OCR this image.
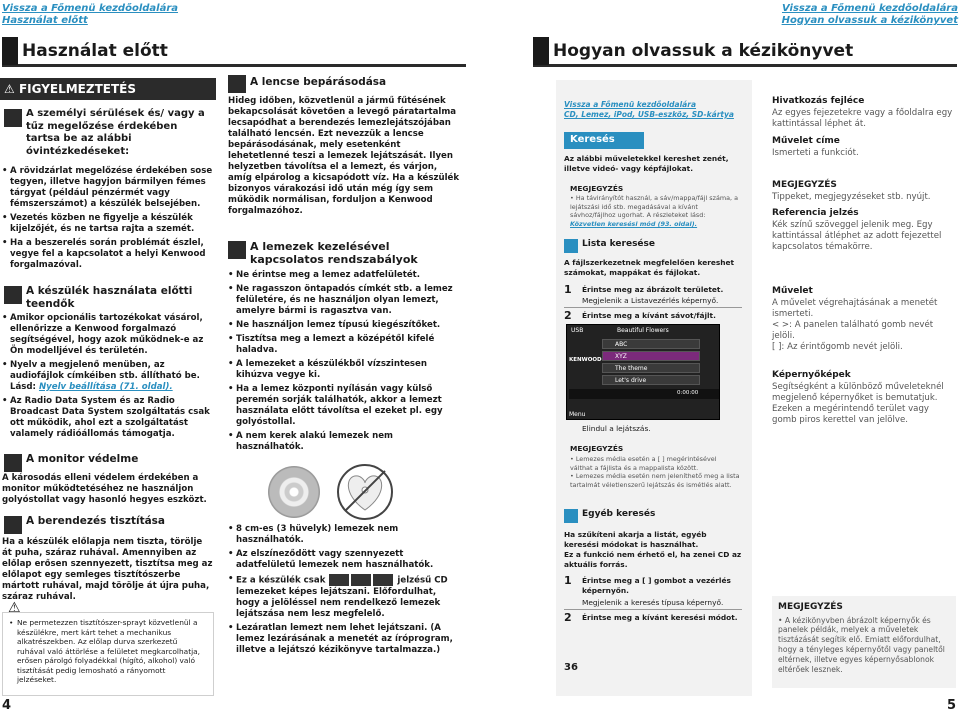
Vissza a Főmenü kezdőoldalára
Használat előtt
Vissza a Főmenü kezdőoldalára
Hogyan olvassuk a kézikönyvet
Használat előtt	Hogyan olvassuk a kézikönyvet
⚠ FIGYELMEZTETÉS
A személyi sérülések és/ vagy a tűz megelőzése érdekében tartsa be az alábbi óvintézkedéseket:
• A rövidzárlat megelőzése érdekében sose tegyen, illetve hagyjon bármilyen fémes tárgyat (például pénzérmét vagy fémszerszámot) a készülék belsejében.
• Vezetés közben ne figyelje a készülék kijelzőjét, és ne tartsa rajta a szemét.
• Ha a beszerelés során problémát észlel, vegye fel a kapcsolatot a helyi Kenwood forgalmazóval.
A készülék használata előtti teendők
• Amikor opcionális tartozékokat vásárol, ellenőrizze a Kenwood forgalmazó segítségével, hogy azok működnek-e az Ön modelljével és területén.
• Nyelv a megjelenő menüben, az audiofájlok címkéiben stb. állítható be. Lásd: Nyelv beállítása (71. oldal).
• Az Radio Data System és az Radio Broadcast Data System szolgáltatás csak ott működik, ahol ezt a szolgáltatást valamely rádióállomás támogatja.
A monitor védelme
A károsodás elleni védelem érdekében a monitor működtetéséhez ne használjon golyóstollat vagy hasonló hegyes eszközt.
A berendezés tisztítása
Ha a készülék előlapja nem tiszta, törölje át puha, száraz ruhával. Amennyiben az előlap erősen szennyezett, tisztítsa meg az előlapot egy semleges tisztítószerbe mártott ruhával, majd törölje át újra puha, száraz ruhával.
⚠
• Ne permetezzen tisztítószer-sprayt közvetlenül a készülékre, mert kárt tehet a mechanikus alkatrészekben. Az előlap durva szerkezetű ruhával való áttörlése a felületet megkarcolhatja, erősen párolgó folyadékkal (hígító, alkohol) való tisztítását pedig lemosható a rányomott jelzéseket.
4
A lencse bepárásodása
Hideg időben, közvetlenül a jármű fűtésének bekapcsolását követően a levegő páratartalma lecsapódhat a berendezés lemezlejátszójában található lencsén. Ezt nevezzük a lencse bepárásodásának, mely esetenként lehetetlenné teszi a lemezek lejátszását. Ilyen helyzetben távolítsa el a lemezt, és várjon, amíg elpárolog a kicsapódott víz. Ha a készülék bizonyos várakozási idő után még így sem működik normálisan, forduljon a Kenwood forgalmazóhoz.
A lemezek kezelésével kapcsolatos rendszabályok
• Ne érintse meg a lemez adatfelületét.
• Ne ragasszon öntapadós címkét stb. a lemez felületére, és ne használjon olyan lemezt, amelyre bármi is ragasztva van.
• Ne használjon lemez típusú kiegészítőket.
• Tisztítsa meg a lemezt a középétől kifelé haladva.
• A lemezeket a készülékből vízszintesen kihúzva vegye ki.
• Ha a lemez központi nyílásán vagy külső peremén sorják találhatók, akkor a lemezt használata előtt távolítsa el ezeket pl. egy golyóstollal.
• A nem kerek alakú lemezek nem használhatók.
• 8 cm-es (3 hüvelyk) lemezek nem használhatók.
• Az elszíneződött vagy szennyezett adatfelületű lemezek nem használhatók.
• Ez a készülék csak	jelzésű CD lemezeket képes lejátszani. Előfordulhat, hogy a jelöléssel nem rendelkező lemezek lejátszása nem lesz megfelelő.
• Lezáratlan lemezt nem lehet lejátszani. (A lemez lezárásának a menetét az íróprogram, illetve a lejátszó kézikönyve tartalmazza.)
Vissza a Főmenü kezdőoldalára
CD, Lemez, iPod, USB-eszköz, SD-kártya
Keresés
Az alábbi műveletekkel kereshet zenét, illetve videó- vagy képfájlokat.
MEGJEGYZÉS
• Ha távirányítót használ, a sáv/mappa/fájl száma, a lejátszási idő stb. megadásával a kívánt sávhoz/fájlhoz ugorhat. A részleteket lásd: Közvetlen keresési mód (93. oldal).
Lista keresése
A fájlszerkezetnek megfelelően kereshet számokat, mappákat és fájlokat.
1 Érintse meg az ábrázolt területet.
Megjelenik a Listavezérlés képernyő.
2 Érintse meg a kívánt sávot/fájlt.
USB	Beautiful Flowers
ABC
XYZ
The theme
Let's drive
KENWOOD
0:00:00
Menu
Elindul a lejátszás.
MEGJEGYZÉS
• Lemezes média esetén a [ ] megérintésével válthat a fájlista és a mappalista között.
• Lemezes média esetén nem jeleníthető meg a lista tartalmát véletlenszerű lejátszás és ismétlés alatt.
Egyéb keresés
Ha szűkíteni akarja a listát, egyéb keresési módokat is használhat.
Ez a funkció nem érhető el, ha zenei CD az aktuális forrás.
1 Érintse meg a [ ] gombot a vezérlés képernyőn.
Megjelenik a keresés típusa képernyő.
2 Érintse meg a kívánt keresési módot.
36
Hivatkozás fejléce
Az egyes fejezetekre vagy a főoldalra egy kattintással léphet át.
Művelet címe
Ismerteti a funkciót.
MEGJEGYZÉS
Tippeket, megjegyzéseket stb. nyújt.
Referencia jelzés
Kék színű szöveggel jelenik meg. Egy kattintással átléphet az adott fejezettel kapcsolatos témakörre.
Művelet
A művelet végrehajtásának a menetét ismerteti.
< >: A panelen található gomb nevét jelöli.
[ ]: Az érintőgomb nevét jelöli.
Képernyőképek
Segítségként a különböző műveleteknél megjelenő képernyőket is bemutatjuk. Ezeken a megérintendő terület vagy gomb piros kerettel van jelölve.
MEGJEGYZÉS
• A kézikönyvben ábrázolt képernyők és panelek példák, melyek a műveletek tisztázását segítik elő. Emiatt előfordulhat, hogy a tényleges képernyőtől vagy paneltől eltérnek, illetve egyes képernyősablonok eltérőek lesznek.
5
